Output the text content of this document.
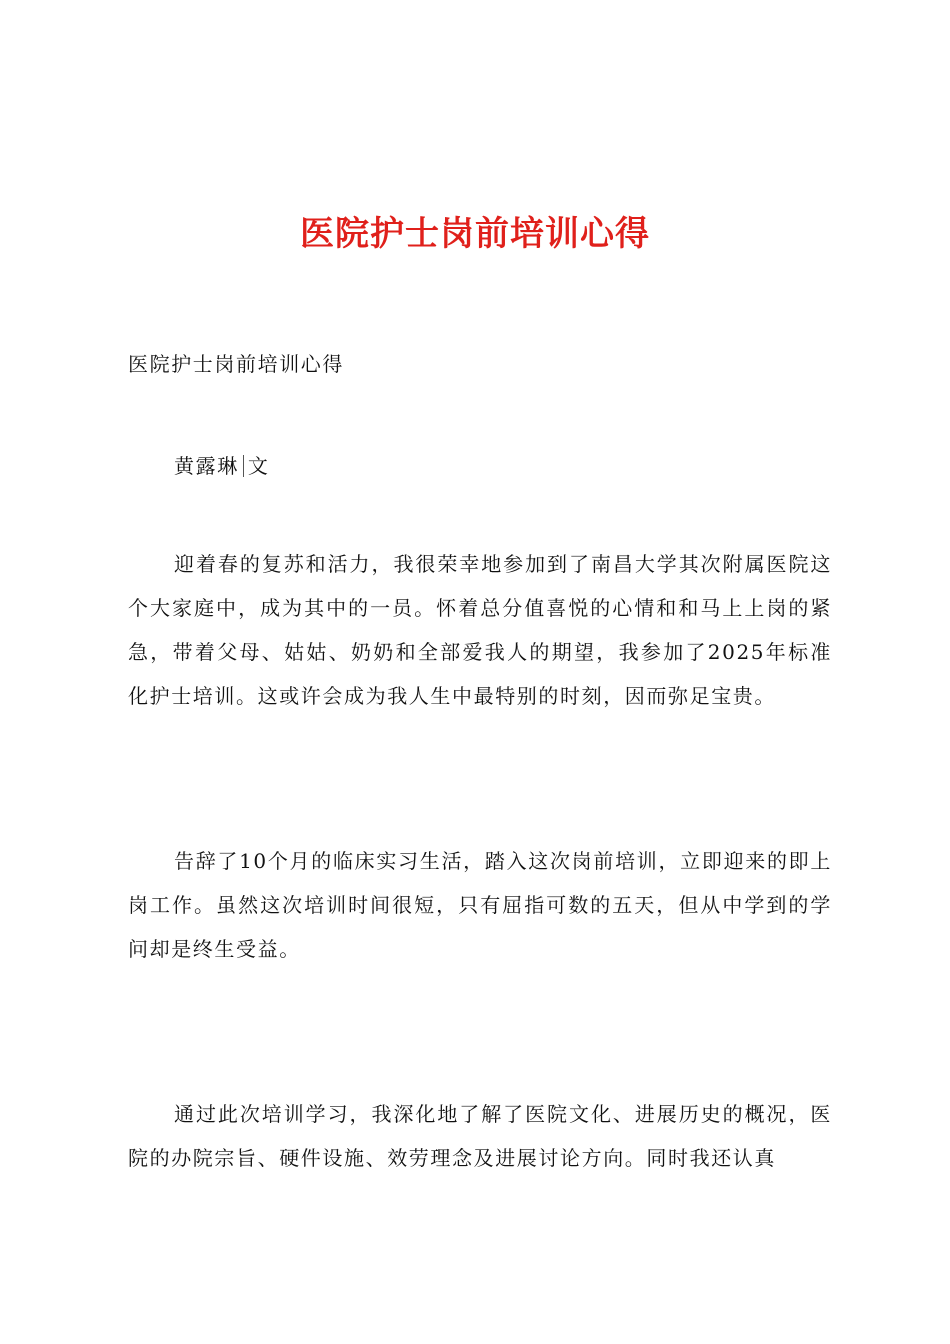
医院护士岗前培训心得

医院护士岗前培训心得

黄露琳 文

迎着春的复苏和活力，我很荣幸地参加到了南昌大学其次附属医院这个大家庭中，成为其中的一员。怀着总分值喜悦的心情和和马上上岗的紧急，带着父母、姑姑、奶奶和全部爱我人的期望，我参加了2025年标准化护士培训。这或许会成为我人生中最特别的时刻，因而弥足宝贵。

告辞了10个月的临床实习生活，踏入这次岗前培训，立即迎来的即上岗工作。虽然这次培训时间很短，只有屈指可数的五天，但从中学到的学问却是终生受益。

通过此次培训学习，我深化地了解了医院文化、进展历史的概况，医院的办院宗旨、硬件设施、效劳理念及进展讨论方向。同时我还认真
